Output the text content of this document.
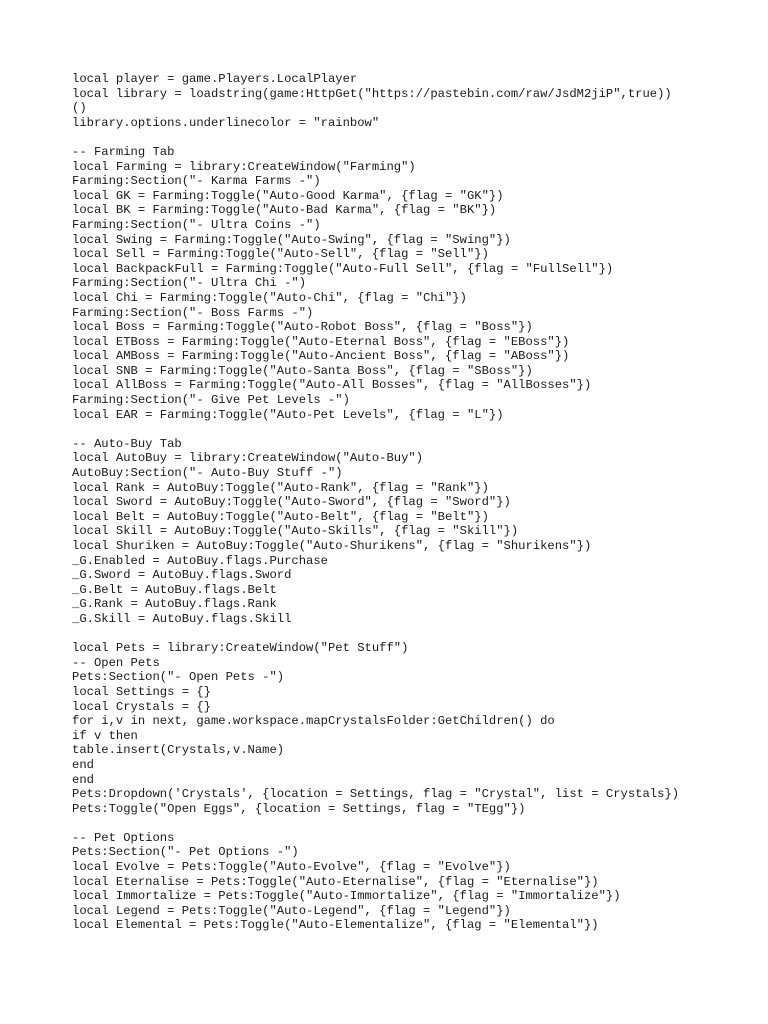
local player = game.Players.LocalPlayer
local library = loadstring(game:HttpGet("https://pastebin.com/raw/JsdM2jiP",true))
()
library.options.underlinecolor = "rainbow"
-- Farming Tab
local Farming = library:CreateWindow("Farming")
Farming:Section("- Karma Farms -")
local GK = Farming:Toggle("Auto-Good Karma", {flag = "GK"})
local BK = Farming:Toggle("Auto-Bad Karma", {flag = "BK"})
Farming:Section("- Ultra Coins -")
local Swing = Farming:Toggle("Auto-Swing", {flag = "Swing"})
local Sell = Farming:Toggle("Auto-Sell", {flag = "Sell"})
local BackpackFull = Farming:Toggle("Auto-Full Sell", {flag = "FullSell"})
Farming:Section("- Ultra Chi -")
local Chi = Farming:Toggle("Auto-Chi", {flag = "Chi"})
Farming:Section("- Boss Farms -")
local Boss = Farming:Toggle("Auto-Robot Boss", {flag = "Boss"})
local ETBoss = Farming:Toggle("Auto-Eternal Boss", {flag = "EBoss"})
local AMBoss = Farming:Toggle("Auto-Ancient Boss", {flag = "ABoss"})
local SNB = Farming:Toggle("Auto-Santa Boss", {flag = "SBoss"})
local AllBoss = Farming:Toggle("Auto-All Bosses", {flag = "AllBosses"})
Farming:Section("- Give Pet Levels -")
local EAR = Farming:Toggle("Auto-Pet Levels", {flag = "L"})
-- Auto-Buy Tab
local AutoBuy = library:CreateWindow("Auto-Buy")
AutoBuy:Section("- Auto-Buy Stuff -")
local Rank = AutoBuy:Toggle("Auto-Rank", {flag = "Rank"})
local Sword = AutoBuy:Toggle("Auto-Sword", {flag = "Sword"})
local Belt = AutoBuy:Toggle("Auto-Belt", {flag = "Belt"})
local Skill = AutoBuy:Toggle("Auto-Skills", {flag = "Skill"})
local Shuriken = AutoBuy:Toggle("Auto-Shurikens", {flag = "Shurikens"})
_G.Enabled = AutoBuy.flags.Purchase
_G.Sword = AutoBuy.flags.Sword
_G.Belt = AutoBuy.flags.Belt
_G.Rank = AutoBuy.flags.Rank
_G.Skill = AutoBuy.flags.Skill
local Pets = library:CreateWindow("Pet Stuff")
-- Open Pets
Pets:Section("- Open Pets -")
local Settings = {}
local Crystals = {}
for i,v in next, game.workspace.mapCrystalsFolder:GetChildren() do
if v then
table.insert(Crystals,v.Name)
end
end
Pets:Dropdown('Crystals', {location = Settings, flag = "Crystal", list = Crystals})
Pets:Toggle("Open Eggs", {location = Settings, flag = "TEgg"})
-- Pet Options
Pets:Section("- Pet Options -")
local Evolve = Pets:Toggle("Auto-Evolve", {flag = "Evolve"})
local Eternalise = Pets:Toggle("Auto-Eternalise", {flag = "Eternalise"})
local Immortalize = Pets:Toggle("Auto-Immortalize", {flag = "Immortalize"})
local Legend = Pets:Toggle("Auto-Legend", {flag = "Legend"})
local Elemental = Pets:Toggle("Auto-Elementalize", {flag = "Elemental"})
